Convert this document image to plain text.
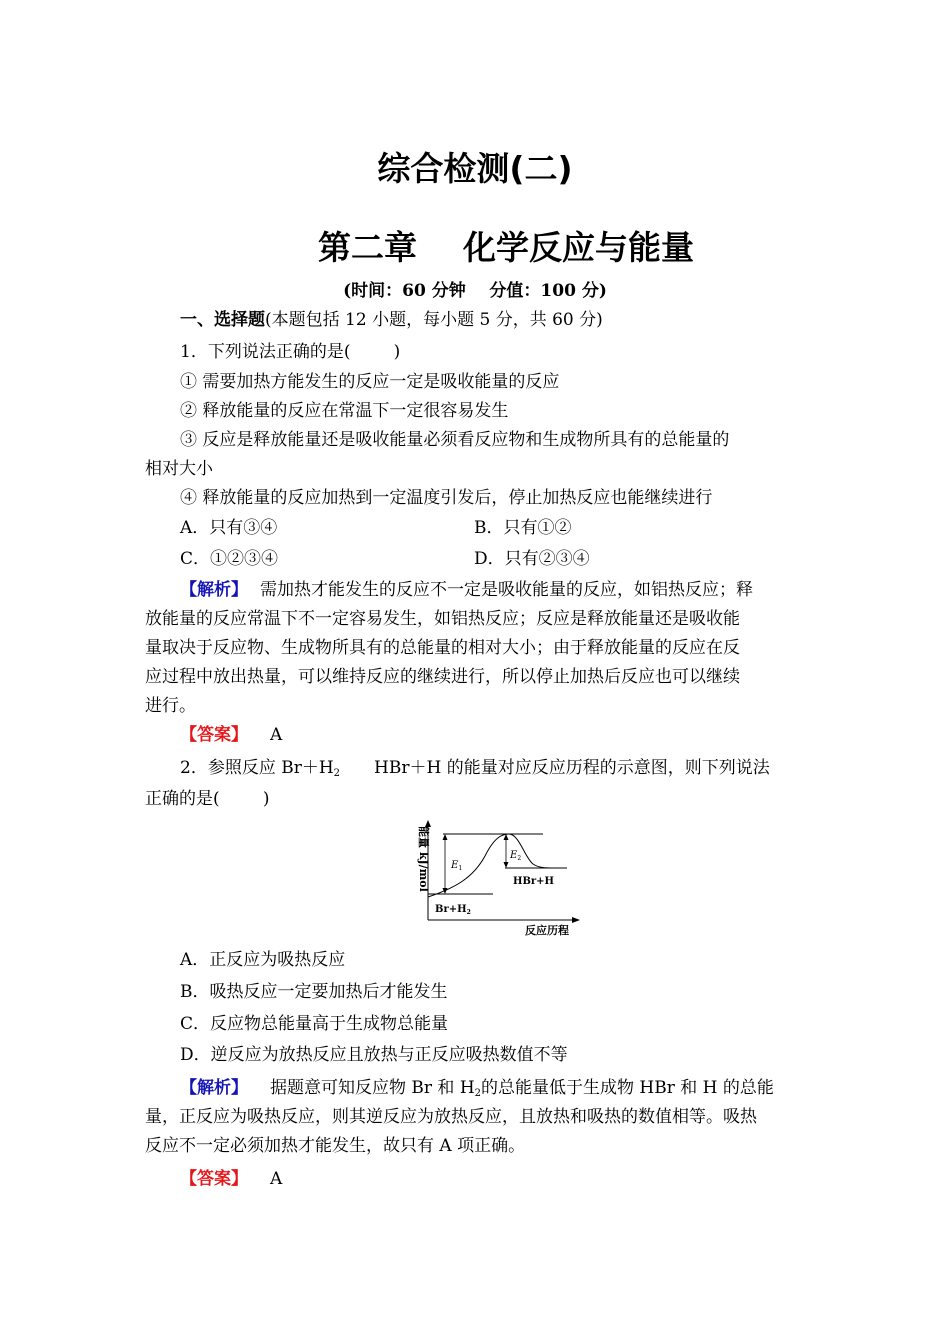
综合检测(二)
第二章    化学反应与能量
(时间：60 分钟    分值：100 分)
一、选择题(本题包括 12 小题，每小题 5 分，共 60 分)
1．下列说法正确的是(        )
① 需要加热方能发生的反应一定是吸收能量的反应
② 释放能量的反应在常温下一定很容易发生
③ 反应是释放能量还是吸收能量必须看反应物和生成物所具有的总能量的
相对大小
④ 释放能量的反应加热到一定温度引发后，停止加热反应也能继续进行
A．只有③④	B．只有①②
C．①②③④	D．只有②③④
【解析】 需加热才能发生的反应不一定是吸收能量的反应，如铝热反应；释
放能量的反应常温下不一定容易发生，如铝热反应；反应是释放能量还是吸收能
量取决于反应物、生成物所具有的总能量的相对大小；由于释放能量的反应在反
应过程中放出热量，可以维持反应的继续进行，所以停止加热后反应也可以继续
进行。
【答案】 A
2．参照反应 $Br+H_2$ HBr＋H 的能量对应反应历程的示意图，则下列说法
正确的是(        )
$E_1$
$E_2$
HBr+H
$Br+H_2$
反应历程
能量 kJ/mol
A．正反应为吸热反应
B．吸热反应一定要加热后才能发生
C．反应物总能量高于生成物总能量
D．逆反应为放热反应且放热与正反应吸热数值不等
【解析】 据题意可知反应物 Br 和 $H_2$的总能量低于生成物 HBr 和 H 的总能
量，正反应为吸热反应，则其逆反应为放热反应，且放热和吸热的数值相等。吸热
反应不一定必须加热才能发生，故只有 A 项正确。
【答案】 A
